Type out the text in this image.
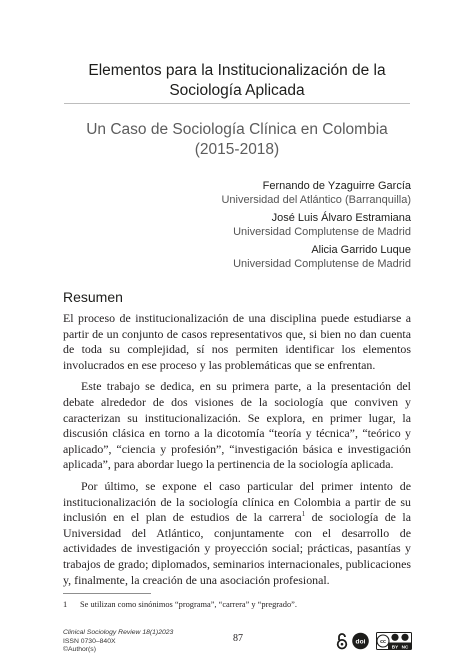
Elementos para la Institucionalización de la
Sociología Aplicada
Un Caso de Sociología Clínica en Colombia
(2015-2018)
Fernando de Yzaguirre García
Universidad del Atlántico (Barranquilla)
José Luis Álvaro Estramiana
Universidad Complutense de Madrid
Alicia Garrido Luque
Universidad Complutense de Madrid
Resumen

El proceso de institucionalización de una disciplina puede estudiarse a partir de un conjunto de casos representativos que, si bien no dan cuenta de toda su complejidad, sí nos permiten identificar los elementos involucrados en ese proceso y las problemáticas que se enfrentan.

Este trabajo se dedica, en su primera parte, a la presentación del debate alrededor de dos visiones de la sociología que conviven y caracterizan su institucionalización. Se explora, en primer lugar, la discusión clásica en torno a la dicotomía “teoría y técnica”, “teórico y aplicado”, “ciencia y profesión”, “investigación básica e investigación aplicada”, para abordar luego la pertinencia de la sociología aplicada.

Por último, se expone el caso particular del primer intento de institucionalización de la sociología clínica en Colombia a partir de su inclusión en el plan de estudios de la carrera$^1$ de sociología de la Universidad del Atlántico, conjuntamente con el desarrollo de actividades de investigación y proyección social; prácticas, pasantías y trabajos de grado; diplomados, seminarios internacionales, publicaciones y, finalmente, la creación de una asociación profesional.

1 Se utilizan como sinónimos “programa”, “carrera” y “pregrado”.
Clinical Sociology Review 18(1)2023
ISSN 0730–840X
©Author(s)
87	doi	cc
BY NC
